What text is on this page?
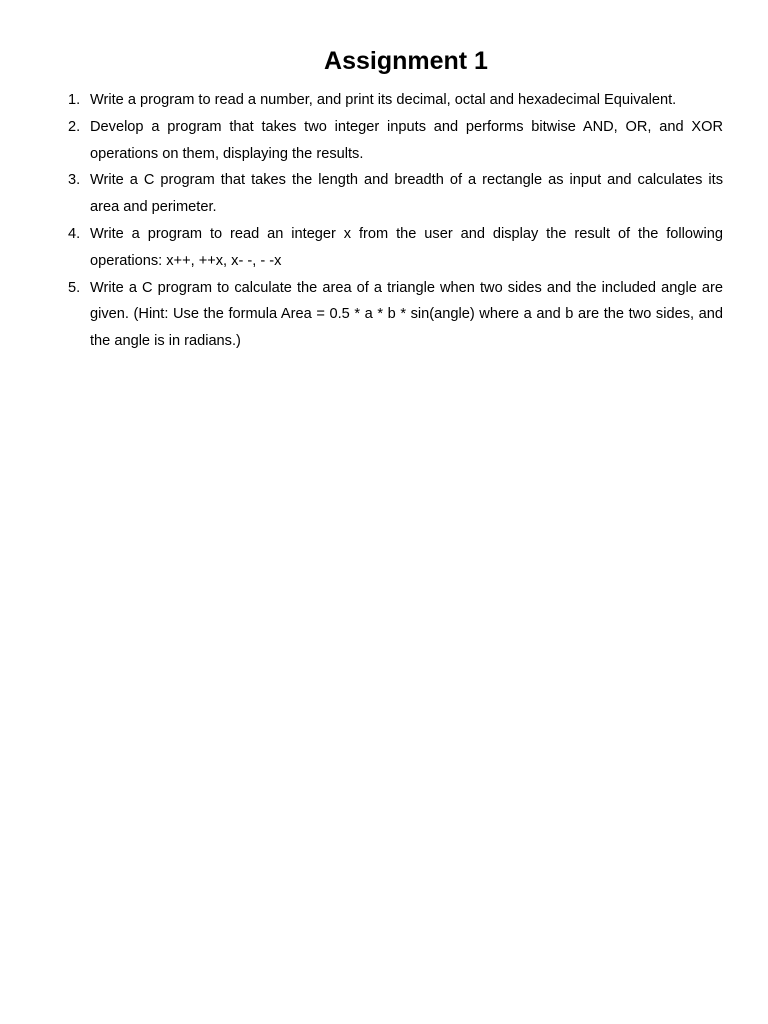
Assignment 1
1. Write a program to read a number, and print its decimal, octal and hexadecimal Equivalent.
2. Develop a program that takes two integer inputs and performs bitwise AND, OR, and XOR operations on them, displaying the results.
3. Write a C program that takes the length and breadth of a rectangle as input and calculates its area and perimeter.
4. Write a program to read an integer x from the user and display the result of the following operations: x++, ++x, x- -, - -x
5. Write a C program to calculate the area of a triangle when two sides and the included angle are given. (Hint: Use the formula Area = 0.5 * a * b * sin(angle) where a and b are the two sides, and the angle is in radians.)
